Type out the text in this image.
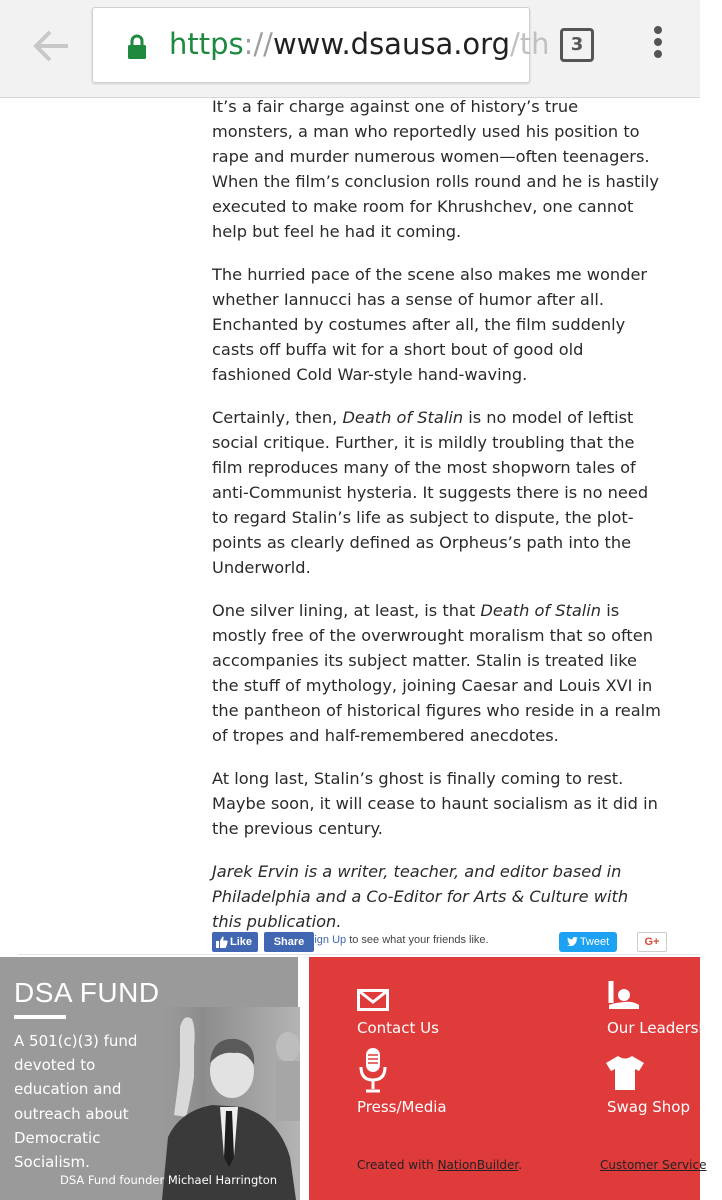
https://www.dsausa.org/th	3

It’s a fair charge against one of history’s true monsters, a man who reportedly used his position to rape and murder numerous women—often teenagers. When the film’s conclusion rolls round and he is hastily executed to make room for Khrushchev, one cannot help but feel he had it coming.

The hurried pace of the scene also makes me wonder whether Iannucci has a sense of humor after all. Enchanted by costumes after all, the film suddenly casts off buffa wit for a short bout of good old fashioned Cold War-style hand-waving.

Certainly, then, Death of Stalin is no model of leftist social critique. Further, it is mildly troubling that the film reproduces many of the most shopworn tales of anti-Communist hysteria. It suggests there is no need to regard Stalin’s life as subject to dispute, the plot-points as clearly defined as Orpheus’s path into the Underworld.

One silver lining, at least, is that Death of Stalin is mostly free of the overwrought moralism that so often accompanies its subject matter. Stalin is treated like the stuff of mythology, joining Caesar and Louis XVI in the pantheon of historical figures who reside in a realm of tropes and half-remembered anecdotes.

At long last, Stalin’s ghost is finally coming to rest. Maybe soon, it will cease to haunt socialism as it did in the previous century.

Jarek Ervin is a writer, teacher, and editor based in Philadelphia and a Co-Editor for Arts & Culture with this publication.

Like	Share Sign Up to see what your friends like.	Tweet	G+
DSA FUND
A 501(c)(3) fund devoted to education and outreach about Democratic Socialism.
DSA Fund founder Michael Harrington
Contact Us	Our Leadership
Press/Media	Swag Shop
Created with NationBuilder.	Customer Service
